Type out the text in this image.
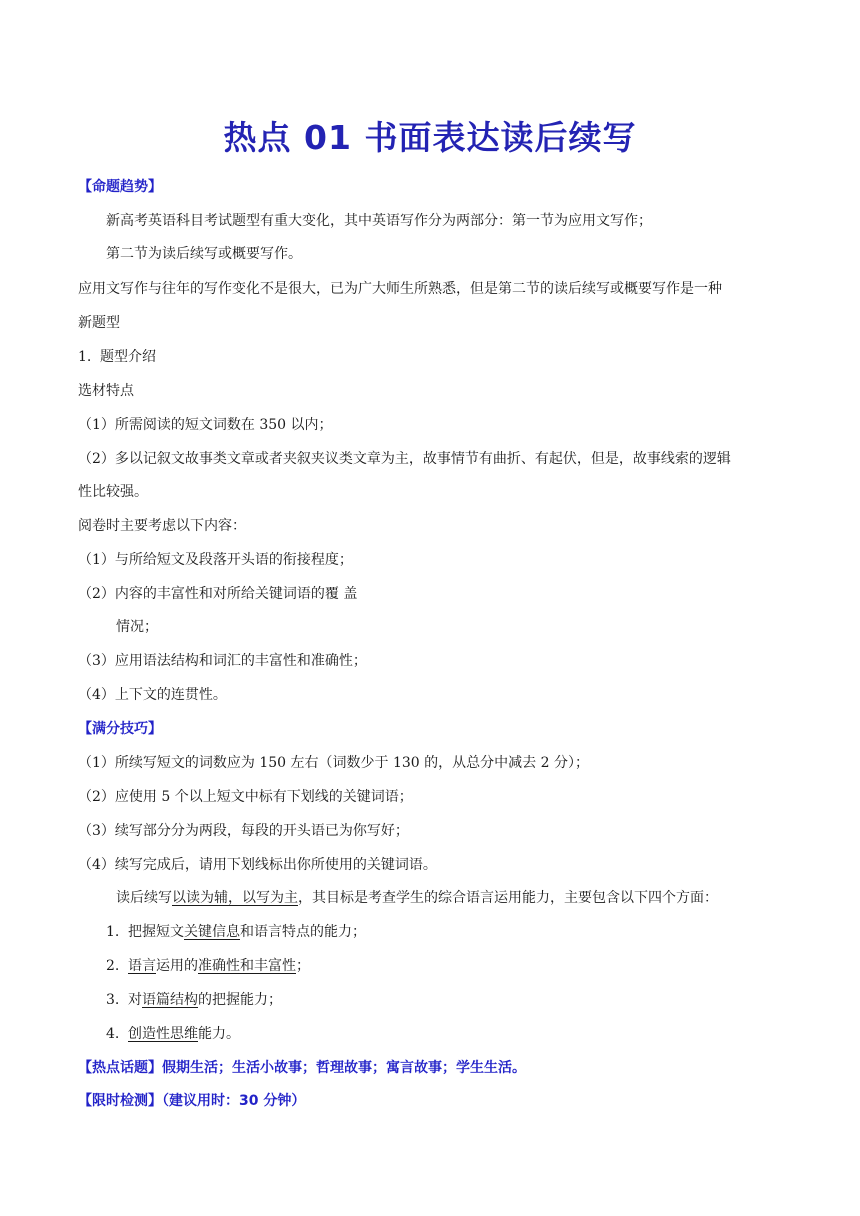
热点 01 书面表达读后续写
【命题趋势】
新高考英语科目考试题型有重大变化，其中英语写作分为两部分：第一节为应用文写作；
第二节为读后续写或概要写作。
应用文写作与往年的写作变化不是很大，已为广大师生所熟悉，但是第二节的读后续写或概要写作是一种
新题型
1. 题型介绍
选材特点
（1）所需阅读的短文词数在 350 以内；
（2）多以记叙文故事类文章或者夹叙夹议类文章为主，故事情节有曲折、有起伏，但是，故事线索的逻辑
性比较强。
阅卷时主要考虑以下内容：
（1）与所给短文及段落开头语的衔接程度；
（2）内容的丰富性和对所给关键词语的覆 盖
情况；
（3）应用语法结构和词汇的丰富性和准确性；
（4）上下文的连贯性。
【满分技巧】
（1）所续写短文的词数应为 150 左右（词数少于 130 的，从总分中减去 2 分）；
（2）应使用 5 个以上短文中标有下划线的关键词语；
（3）续写部分分为两段，每段的开头语已为你写好；
（4）续写完成后，请用下划线标出你所使用的关键词语。
读后续写以读为辅，以写为主，其目标是考查学生的综合语言运用能力，主要包含以下四个方面：
1. 把握短文关键信息和语言特点的能力；
2. 语言运用的准确性和丰富性；
3. 对语篇结构的把握能力；
4. 创造性思维能力。
【热点话题】假期生活；生活小故事；哲理故事；寓言故事；学生生活。
【限时检测】（建议用时：30 分钟）
